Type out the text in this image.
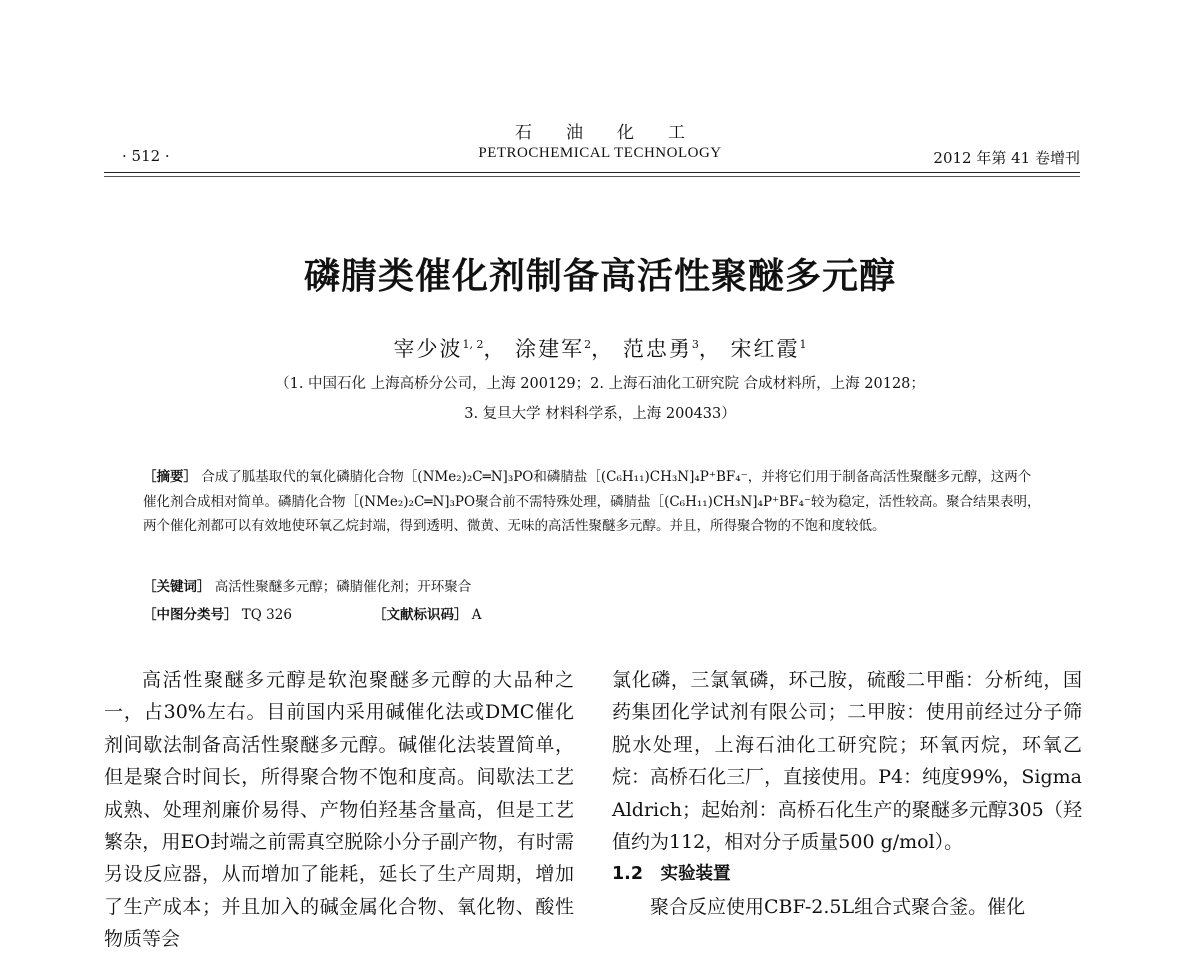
石油化工
· 512 ·	PETROCHEMICAL TECHNOLOGY	2012 年第 41 卷增刊
磷腈类催化剂制备高活性聚醚多元醇
宰少波$^{1, 2}$， 涂建军$^2$， 范忠勇$^3$， 宋红霞$^1$
（1. 中国石化 上海高桥分公司，上海 200129；2. 上海石油化工研究院 合成材料所，上海 20128；
3. 复旦大学 材料科学系，上海 200433）
［摘要］ 合成了胍基取代的氧化磷腈化合物［(NMe₂)₂C═N]₃PO和磷腈盐［(C₆H₁₁)CH₃N]₄P⁺BF₄⁻，并将它们用于制备高活性聚醚多元醇，这两个催化剂合成相对简单。磷腈化合物［(NMe₂)₂C═N]₃PO聚合前不需特殊处理，磷腈盐［(C₆H₁₁)CH₃N]₄P⁺BF₄⁻较为稳定，活性较高。聚合结果表明，两个催化剂都可以有效地使环氧乙烷封端，得到透明、微黄、无味的高活性聚醚多元醇。并且，所得聚合物的不饱和度较低。
［关键词］ 高活性聚醚多元醇；磷腈催化剂；开环聚合
［中图分类号］ TQ 326	［文献标识码］ A

高活性聚醚多元醇是软泡聚醚多元醇的大品种之一，占30%左右。目前国内采用碱催化法或DMC催化剂间歇法制备高活性聚醚多元醇。碱催化法装置简单，但是聚合时间长，所得聚合物不饱和度高。间歇法工艺成熟、处理剂廉价易得、产物伯羟基含量高，但是工艺繁杂，用EO封端之前需真空脱除小分子副产物，有时需另设反应器，从而增加了能耗，延长了生产周期，增加了生产成本；并且加入的碱金属化合物、氧化物、酸性物质等会

氯化磷，三氯氧磷，环己胺，硫酸二甲酯：分析纯，国药集团化学试剂有限公司；二甲胺：使用前经过分子筛脱水处理，上海石油化工研究院；环氧丙烷，环氧乙烷：高桥石化三厂，直接使用。P4：纯度99%，Sigma Aldrich；起始剂：高桥石化生产的聚醚多元醇305（羟值约为112，相对分子质量500 g/mol）。

1.2　实验装置

聚合反应使用CBF-2.5L组合式聚合釜。催化
